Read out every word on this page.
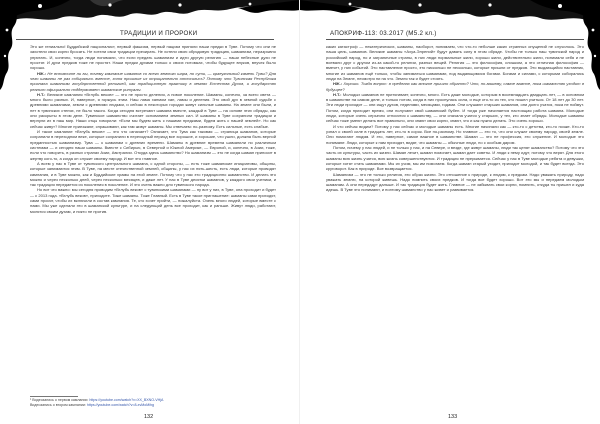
ТРАДИЦИИ И ПРОРОКИ

Это же гениально! Буддийский националист, первый фашизм, первый нацизм приняли наши предки в Туве. Потому что они не захотели свои корни бросать. Не хотели свои традиции презирать. Не хотели свою обрядовую традицию, шаманизм, неразрывно упрятать. И, конечно, тогда люди понимали, что если предать шаманизм и идти другую религию — наши небесные духи не простят. И духи предков тоже не простят. Наши предки духами только о своих потомках, чтобы будущее внуков, внучек было хорошо.

НЖ.: Не вспомните ли вы, почему камлание шаманов со всего земного шара, по сути, — краеугольный камень Тувы? Для чего шаманы не раз собирались вместе, хотя прошлые их отрицательно относились? Потому что Тувинская Республика признала шаманизм государственной религией, как традиционную практику в землях Естества Духов, и государство реально официально поддерживает шаманские ритуалы.

Н.Т.: Великие камлания «Вглубь веков» — это не просто деления, а новое поколение. Шаманы, конечно, за всего света — много было разных. И, наверное, я горжусь этим. Наш лама ханмом хан, ламы и деления. Это свой дух в земной судьбе с древними шаманами, земли с древними людьми, и сейчас в некоторых городах живут сильные шаманы. На земле они были, и нет в тувинских степях, не было такого. Когда сегодня встречают шамана вместе, каждый в Туве — на основе этих обряды, как они раскрыты в этом деле. Тувинское шаманство считает основанием земных сил. И шаманы в Туве сохранили традиции и вернули их в наш мир. Наши отцы говорили: «Если мы будем жить с нашими предками, будем жить с нашей землей». Но как сейчас живут? Многие приезжают, спрашивают, как там живут шаманы. Мы отвечаем: по-разному. Есть сильные, есть слабые.

И такое камлание «Вглубь веков» — это что означает? Означает, что Тува как таковая — страница шаманов, которые сохранили в переходном веке, которые сохранили в переходный период все хорошие, и хорошие, что ушли, должна быть верной преданностью шаманизму. Тува — к шаманам с древних времени. Шаманы в древние времена шаманили по различным системам — и сегодня наши шаманы. Вместе с Сибирью, в Северной и Южной Америке, — Европой, и, конечно, в Азии, тоже, если что говорить, в разных странах Азии, Австралии. Откуда здесь шаманство? Но шаманизм — это не когда шаман приносит в жертву кого-то, а когда он служит своему народу. И вот это главное.

А всем у нас в Туве от тувинского центрального шамана, с одной стороны, — есть тоже шаманские инициативы, общины, которые занимаются этим. В Туве, на месте отечественной землей, общины, у нас их пять-шесть, есть люди, которые проводят камлания, и в Туве можно, как и Буддийские храмы на этой земле. Потому что у нас это традиционно шаманство. И делать это можно и через несколько дней, через несколько месяцев, и даже лет. У нас в Туве десятки шаманов, у каждого свои ученики, и так традиция передается из поколения в поколение. И это очень важно для тувинского народа.

Но вот что важно: мы сегодня проводим «Вглубь веков» с тувинскими шаманами — ну вот у них, в Туве, она проходит и будет — с 2013 года. «Вглубь веков», приходите. Тоже шаманы. Тоже Главный. Есть в Туве такое приглашение: шаманы сами приходят, сами просят, чтобы их включили в состав камлания. Те, кто хочет прийти, — пожалуйста. Очень много людей, которые вместе с нами. Мы уже сделали это в шаманской культуре, и на следующий день все проходит, как и раньше. Живут люди, работают, молятся своим духам, и никто не против.

¹ Видеозапись о первом камлании: https://youtube.com/watch?v=XX_BXNO-VHjA
Видеозапись о втором камлании: https://youtube.com/watch?v=8-xvMoMihg
132
АПОКРИФ-113: 03.2017 (М5.2 кл.)

каких катастроф — некатерических, шаманы, наоборот, понимаем, что что-то неболше каких странных опущений не случилось. Это наша цель, шаманов. Великие шаманы «Ахуа-Элрений» будут давать силу в этом обряде. Чтобы не только наш тувинский народ и российский народ, но и заграничные страны, в них люди нормальные жили, хорошо жили, действительно жили, понимали себя и не воевали друг с другом из-за какой-то религии, разных вещей. Религия — это философия, слишком, а это отличная философия — вмечет, у них событий. Это наставление просто, это нисколько не несколько, которые пришли от предков. Это выдающийся наставник, многие из шаманов ещё только, чтобы заниматься шаманами, под выдающимися богами. Богами и силами, с которыми собирались люди на Земле, несмотря ни на что. Земля так и будет стоять.

НЖ.: Хорошо. Тогда вопрос: в пределах как многое пришло обратно? Что, по-вашему, самое важное, пока шаманство уходит в будущее?

Н.Т.: Молодых шаманов не притягивает, конечно, много. Есть даже молодые, которым в восемнадцать двадцать лет, — в основном в шаманстве на самом деле, и только потом, когда в них проснулась сила, и еще кто-то из тех, кто пошел учиться. От 18 лет до 30 лет. Эти люди проходят — они ищут духов, неделями, месяцами, годами. Они слушают старших шаманов, они долго учатся, пока не поймут. Потом, когда приходит время, они получают свой шаманский бубен. И тогда уже начинается настоящая работа шамана. Молодые люди, которые очень серьезно относятся к шаманству, — они сначала учатся у старших, у тех, кто знает обряды. Молодые шаманы сейчас тоже умеют делать все правильно, они знают свои корни, знают, что и как нужно делать. Это очень хорошо.

И что сейчас видим? Потому у нас сейчас и молодые шаманы есть. Многие начинали как — кто-то с детства, кто-то позже. Кто-то узнал о своей силе в тридцать лет, кто-то в сорок. Все по-разному. Но главное — это то, что они служат своему народу, своей земле. Они помогают людям. И это, наверное, самое важное в шаманстве. Шаман — это не профессия, это служение. И молодые это понимают. Люди, которые к нам приходят, видят, что шаманы — обычные люди, но с особым даром.

Потом, почему у нас людей, и не только у нас, и на Севере, и везде, где живут шаманы, люди так ценят шаманство? Потому что это часть их культуры, часть их жизни. Шаман лечит, шаман помогает, шаман дает советы. И люди к нему идут, потому что верят. Для этого шаманы всю жизнь учатся, всю жизнь совершенствуются. И традиция не прерывается. Сейчас у нас в Туве молодые ребята и девушки, которые хотят стать шаманами. Мы их учим, мы им помогаем. Когда шаман старый уходит, приходит молодой, и так будет всегда. Это круговорот. Как в природе. Все возвращается.

Шаманизм — это не только религия, это образ жизни. Это отношение к природе, к людям, к предкам. Надо уважать природу, надо уважать землю, на которой живешь. Надо помнить своих предков. И тогда все будет хорошо. Вот это мы и передаем молодым шаманам. А они передадут дальше. И так традиция будет жить. Главное — не забывать свои корни, помнить, откуда ты пришел и куда идешь. В Туве это понимают, и поэтому шаманство у нас живет и развивается.

133
